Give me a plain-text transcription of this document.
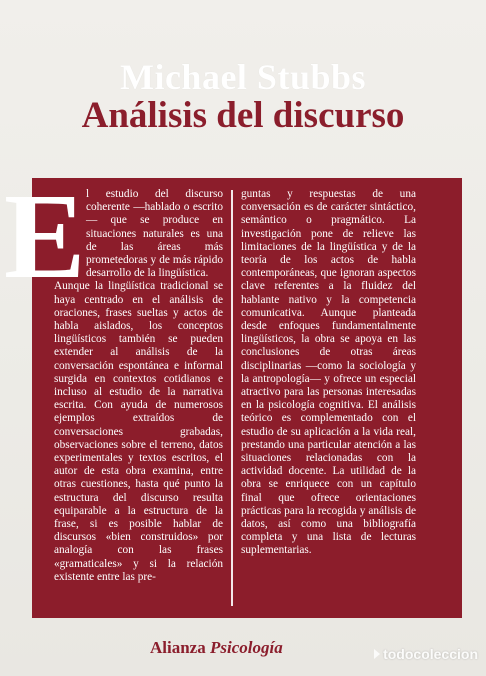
Michael Stubbs
Análisis del discurso
E l estudio del discurso coherente —hablado o escrito— que se produce en situaciones naturales es una de las áreas más prometedoras y de más rápido desarrollo de la lingüística.
Aunque la lingüística tradicional se haya centrado en el análisis de oraciones, frases sueltas y actos de habla aislados, los conceptos lingüísticos también se pueden extender al análisis de la conversación espontánea e informal surgida en contextos cotidianos e incluso al estudio de la narrativa escrita. Con ayuda de numerosos ejemplos extraídos de conversaciones grabadas, observaciones sobre el terreno, datos experimentales y textos escritos, el autor de esta obra examina, entre otras cuestiones, hasta qué punto la estructura del discurso resulta equiparable a la estructura de la frase, si es posible hablar de discursos «bien construidos» por analogía con las frases «gramaticales» y si la relación existente entre las pre-
guntas y respuestas de una conversación es de carácter sintáctico, semántico o pragmático. La investigación pone de relieve las limitaciones de la lingüística y de la teoría de los actos de habla contemporáneas, que ignoran aspectos clave referentes a la fluidez del hablante nativo y la competencia comunicativa. Aunque planteada desde enfoques fundamentalmente lingüísticos, la obra se apoya en las conclusiones de otras áreas disciplinarias —como la sociología y la antropología— y ofrece un especial atractivo para las personas interesadas en la psicología cognitiva. El análisis teórico es complementado con el estudio de su aplicación a la vida real, prestando una particular atención a las situaciones relacionadas con la actividad docente. La utilidad de la obra se enriquece con un capítulo final que ofrece orientaciones prácticas para la recogida y análisis de datos, así como una bibliografía completa y una lista de lecturas suplementarias.
Alianza Psicología	todocoleccion
